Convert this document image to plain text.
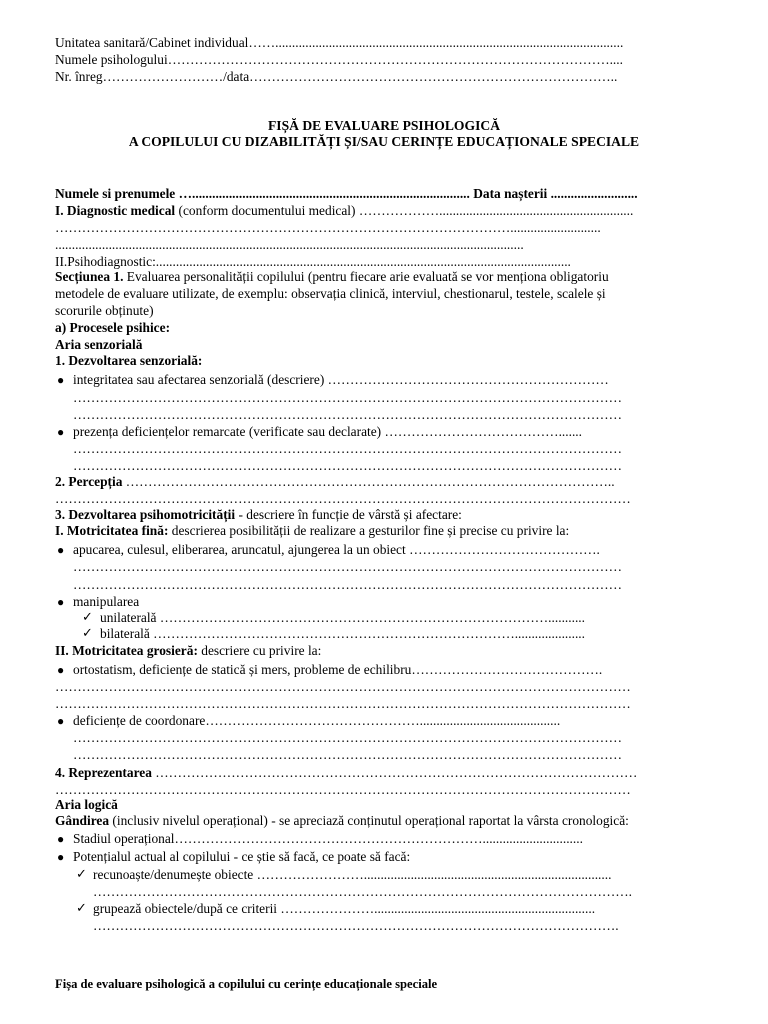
Unitatea sanitară/Cabinet individual……........................................................................................................
Numele psihologului………………………………………………………………………………………....
Nr. înreg………………………/data………………………………………………………………………..
FIȘĂ DE EVALUARE PSIHOLOGICĂ
A COPILULUI CU DIZABILITĂȚI ȘI/SAU CERINȚE EDUCAȚIONALE SPECIALE
Numele si prenumele …................................................................................... Data nașterii ..........................
I. Diagnostic medical (conform documentului medical) ………………..........................................................
…………………………………………………………………………………………...........................
............................................................................................................................................
II.Psihodiagnostic:............................................................................................................................
Secțiunea 1. Evaluarea personalității copilului (pentru fiecare arie evaluată se vor menționa obligatoriu
metodele de evaluare utilizate, de exemplu: observația clinică, interviul, chestionarul, testele, scalele și
scorurile obținute)
a) Procesele psihice:
Aria senzorială
1. Dezvoltarea senzorială:
● integritatea sau afectarea senzorială (descriere) ………………………………………………………
……………………………………………………………………………………………………………
……………………………………………………………………………………………………………
● prezența deficiențelor remarcate (verificate sau declarate) ………………………………….......
……………………………………………………………………………………………………………
……………………………………………………………………………………………………………
2. Percepția ………………………………………………………………………………………………..
…………………………………………………………………………………………………………………
3. Dezvoltarea psihomotricității - descriere în funcție de vârstă și afectare:
I. Motricitatea fină: descrierea posibilității de realizare a gesturilor fine și precise cu privire la:
● apucarea, culesul, eliberarea, aruncatul, ajungerea la un obiect …………………………………….
……………………………………………………………………………………………………………
……………………………………………………………………………………………………………
● manipularea
✓ unilaterală ……………………………………………………………………………...........
✓ bilaterală ……………………………………………………………………….....................
II. Motricitatea grosieră: descriere cu privire la:
● ortostatism, deficiențe de statică și mers, probleme de echilibru…………………………………….
…………………………………………………………………………………………………………………
…………………………………………………………………………………………………………………
● deficiențe de coordonare…………………………………………..........................................
……………………………………………………………………………………………………………
……………………………………………………………………………………………………………
4. Reprezentarea ………………………………………………………………………………………………
…………………………………………………………………………………………………………………
Aria logică
Gândirea (inclusiv nivelul operațional) - se apreciază conținutul operațional raportat la vârsta cronologică:
● Stadiul operațional……………………………………………………………..............................
● Potențialul actual al copilului - ce știe să facă, ce poate să facă:
✓ recunoaște/denumește obiecte ……………………..........................................................................
………………………………………………………………………………………………………….
✓ grupează obiectele/după ce criterii …………………..................................................................
……………………………………………………………………………………………………….
Fișa de evaluare psihologică a copilului cu cerințe educaționale speciale
